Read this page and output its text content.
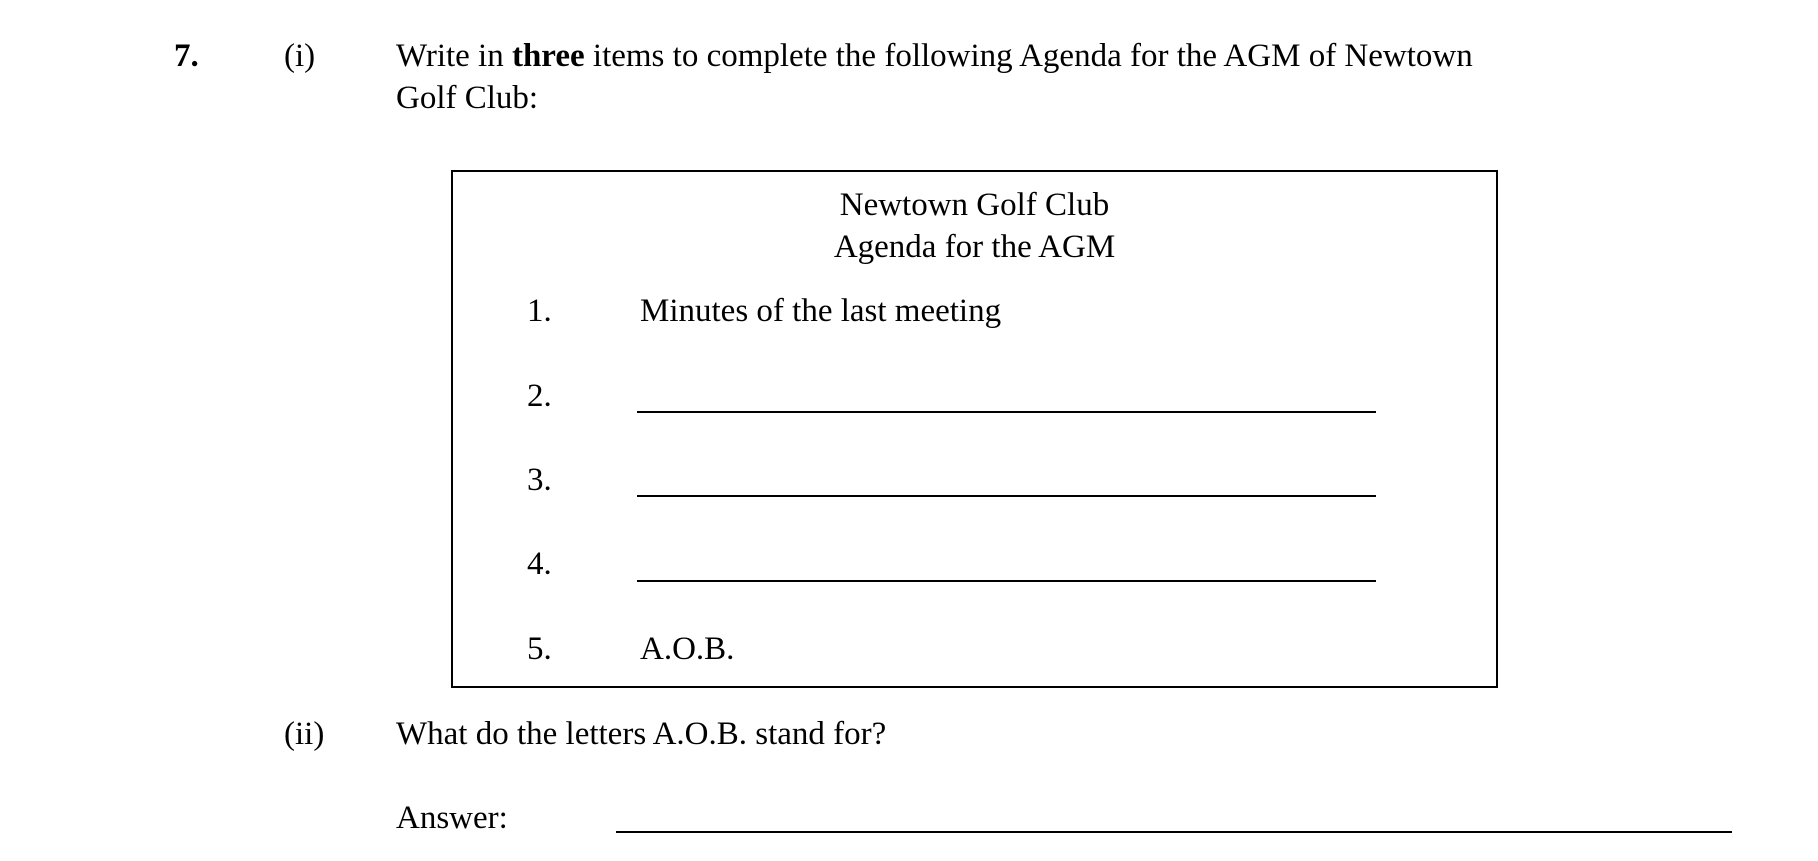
7.	(i) Write in three items to complete the following Agenda for the AGM of Newtown
Golf Club:
Newtown Golf Club
Agenda for the AGM
1.	Minutes of the last meeting
2.
3.
4.
5.	A.O.B.
(ii) What do the letters A.O.B. stand for?
Answer:
